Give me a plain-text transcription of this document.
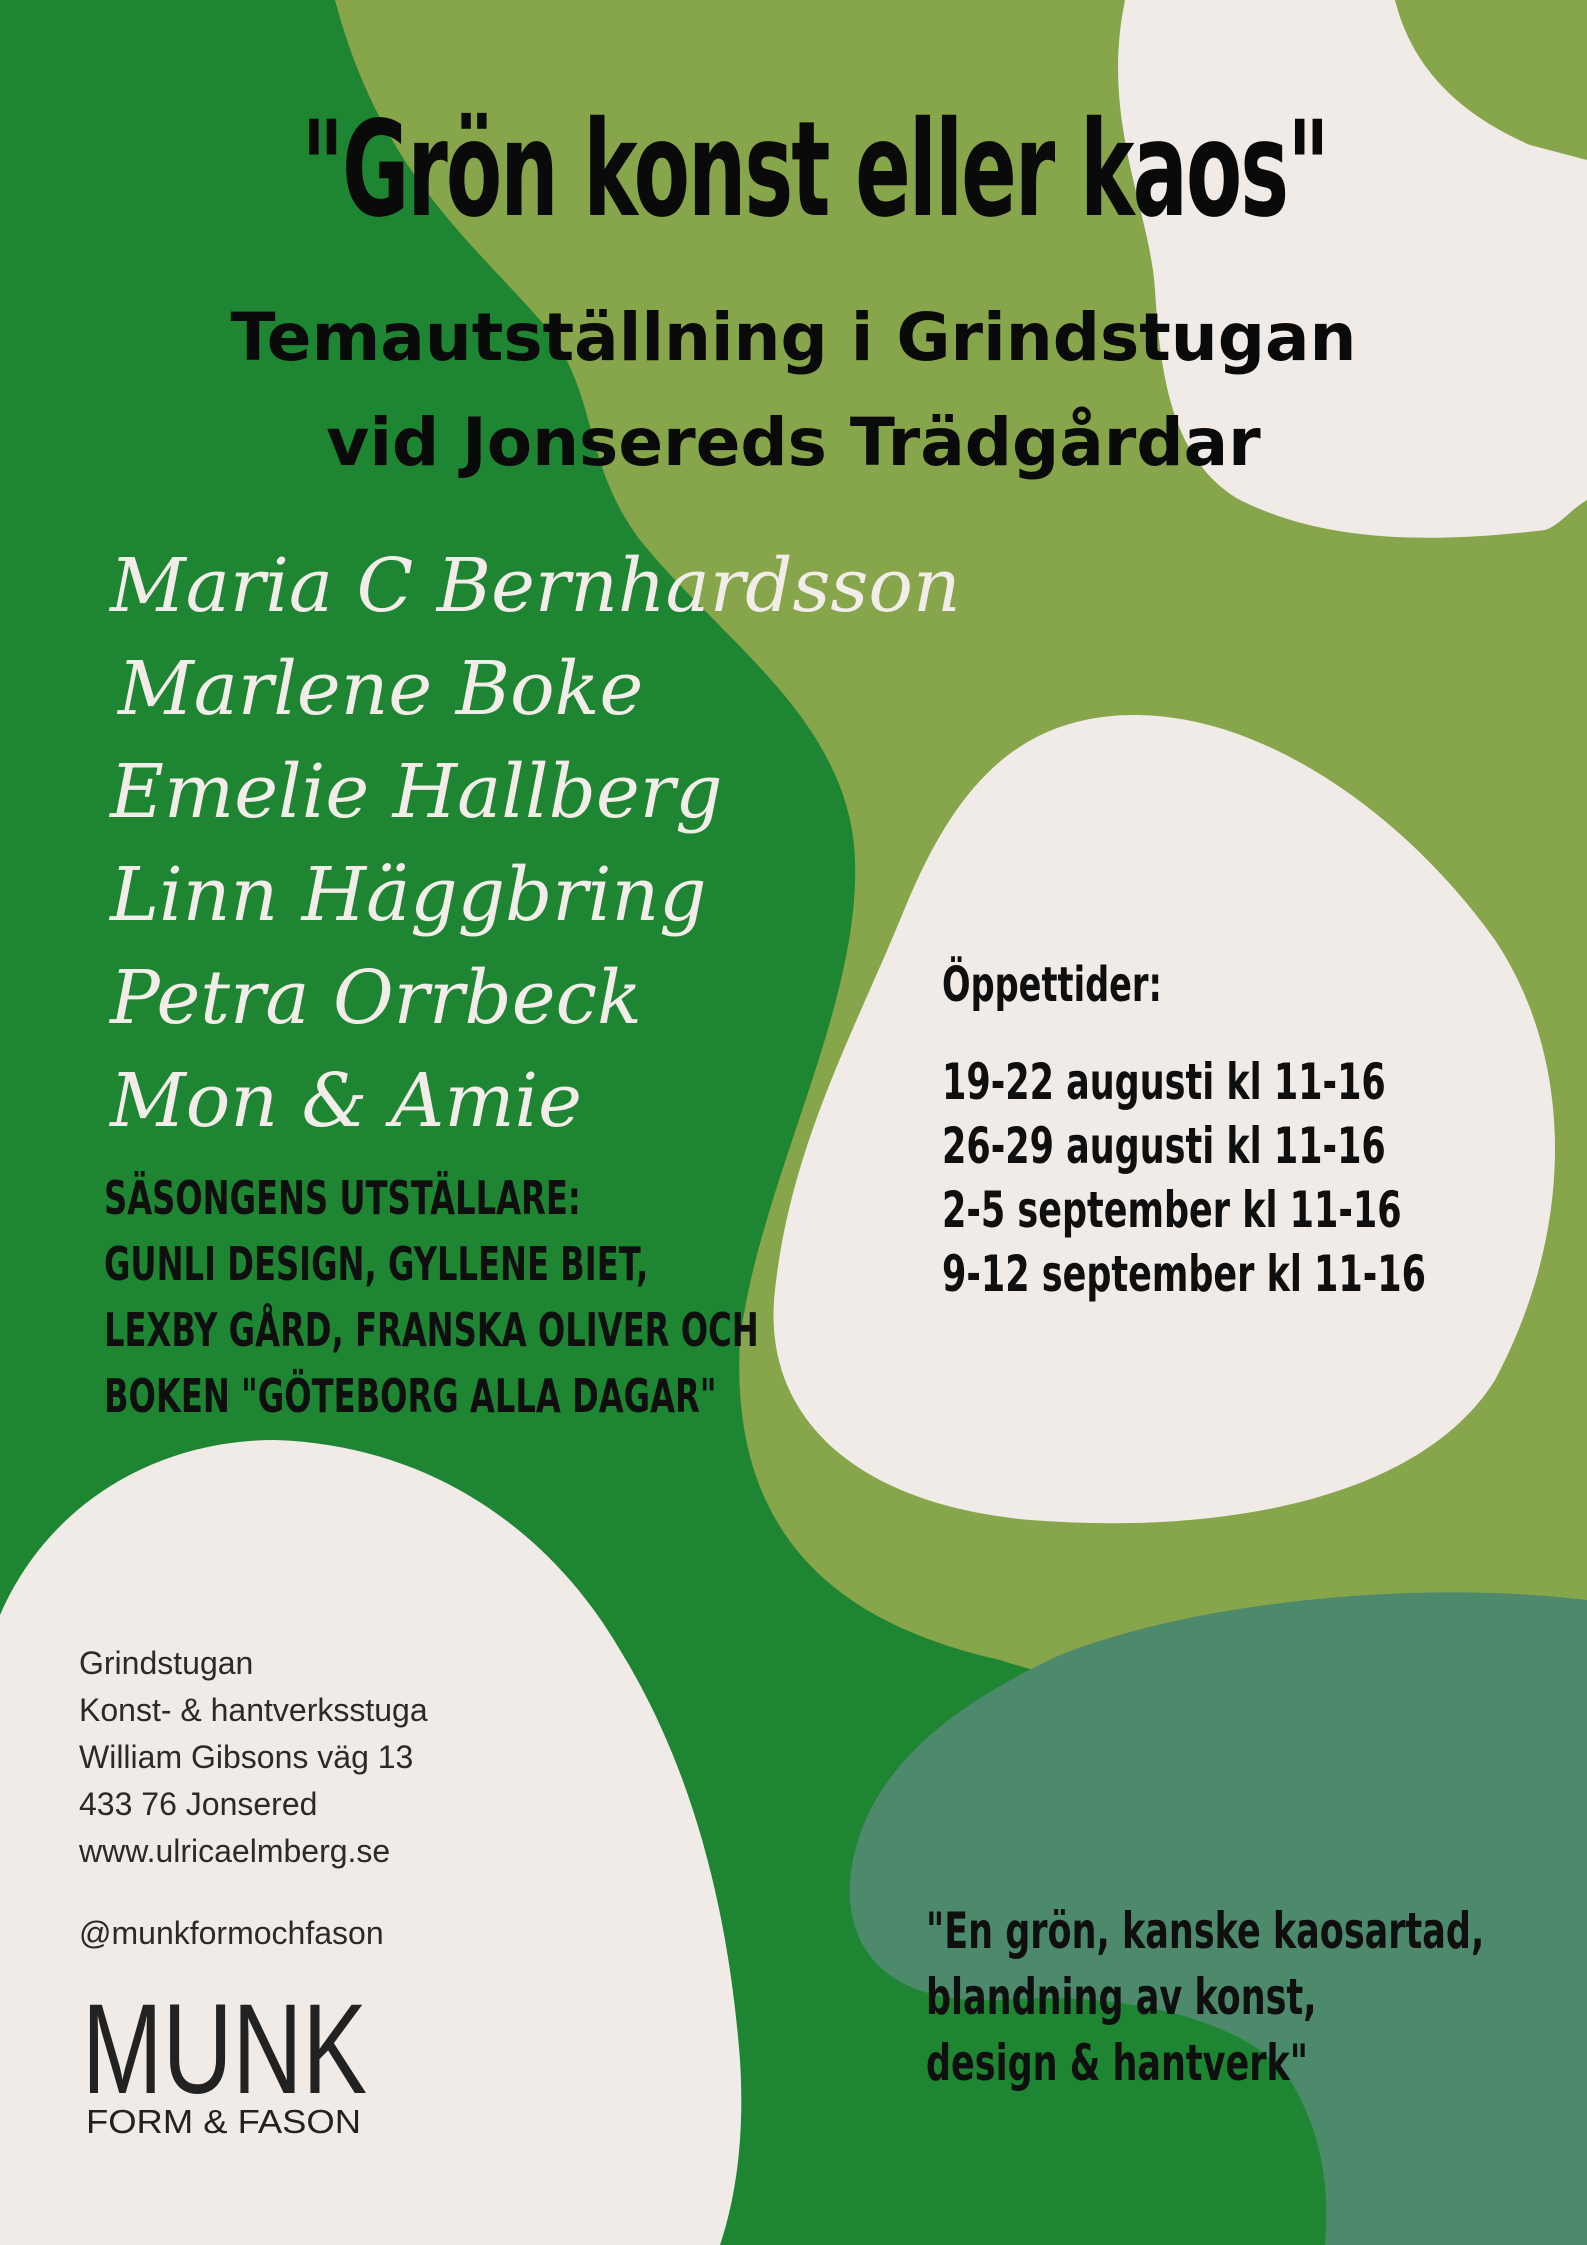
"Grön konst eller kaos"
Temautställning i Grindstugan
vid Jonsereds Trädgårdar
Maria C Bernhardsson
Marlene Boke
Emelie Hallberg
Linn Häggbring
Petra Orrbeck
Mon & Amie
SÄSONGENS UTSTÄLLARE:
GUNLI DESIGN, GYLLENE BIET,
LEXBY GÅRD, FRANSKA OLIVER OCH
BOKEN "GÖTEBORG ALLA DAGAR"
Öppettider:
19-22 augusti kl 11-16
26-29 augusti kl 11-16
2-5 september kl 11-16
9-12 september kl 11-16
Grindstugan
Konst- & hantverksstuga
William Gibsons väg 13
433 76 Jonsered
www.ulricaelmberg.se
@munkformochfason
MUNK
FORM & FASON
"En grön, kanske kaosartad,
blandning av konst,
design & hantverk"
